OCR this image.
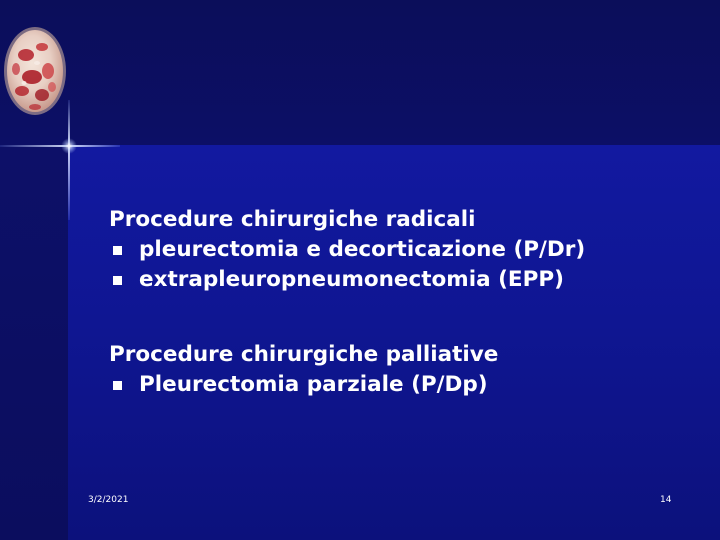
Procedure chirurgiche radicali
pleurectomia e decorticazione (P/Dr)
extrapleuropneumonectomia (EPP)
Procedure chirurgiche palliative
Pleurectomia parziale (P/Dp)
3/2/2021	14
